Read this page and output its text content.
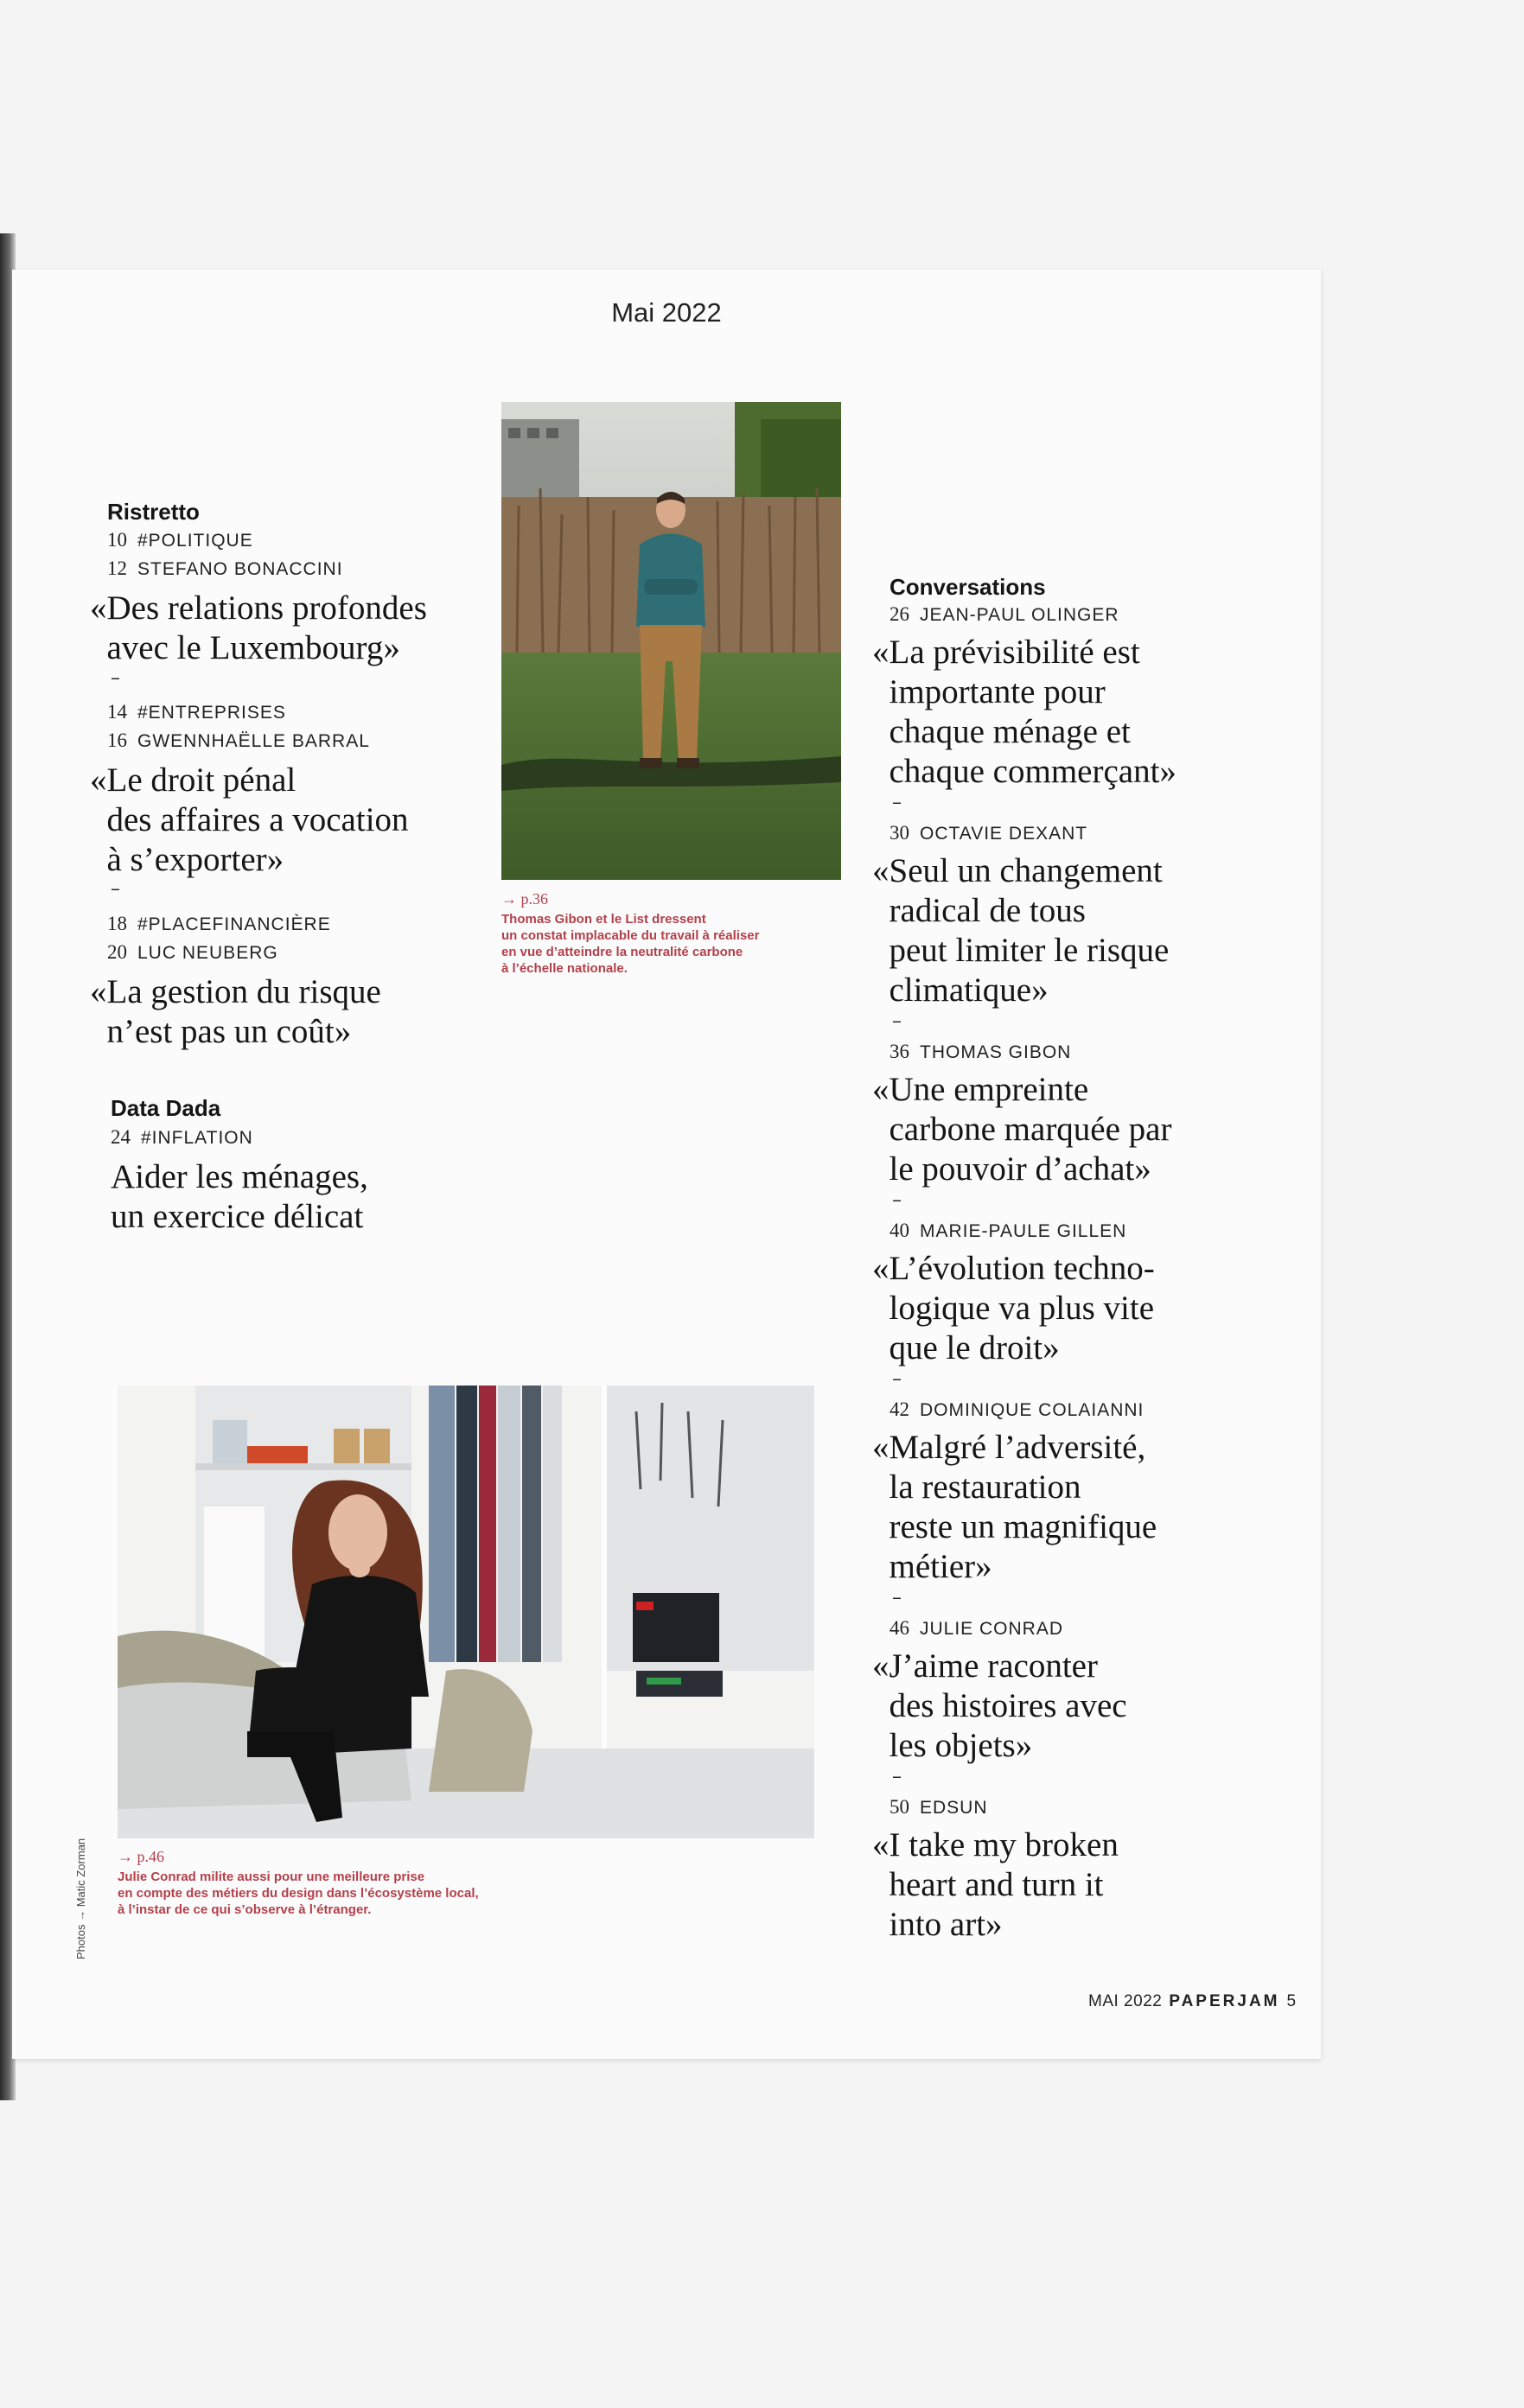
Mai 2022
Ristretto
10 #POLITIQUE
12 STEFANO BONACCINI
«Des relations profondes
avec le Luxembourg»
–
14 #ENTREPRISES
16 GWENNHAËLLE BARRAL
«Le droit pénal
des affaires a vocation
à s’exporter»
–
18 #PLACEFINANCIÈRE
20 LUC NEUBERG
«La gestion du risque
n’est pas un coût»
Data Dada
24 #INFLATION
Aider les ménages,
un exercice délicat
→ p.36
Thomas Gibon et le List dressent
un constat implacable du travail à réaliser
en vue d’atteindre la neutralité carbone
à l’échelle nationale.
Conversations
26 JEAN-PAUL OLINGER
«La prévisibilité est
importante pour
chaque ménage et
chaque commerçant»
–
30 OCTAVIE DEXANT
«Seul un changement
radical de tous
peut limiter le risque
climatique»
–
36 THOMAS GIBON
«Une empreinte
carbone marquée par
le pouvoir d’achat»
–
40 MARIE-PAULE GILLEN
«L’évolution techno-
logique va plus vite
que le droit»
–
42 DOMINIQUE COLAIANNI
«Malgré l’adversité,
la restauration
reste un magnifique
métier»
–
46 JULIE CONRAD
«J’aime raconter
des histoires avec
les objets»
–
50 EDSUN
«I take my broken
heart and turn it
into art»
→ p.46
Julie Conrad milite aussi pour une meilleure prise
en compte des métiers du design dans l’écosystème local,
à l’instar de ce qui s’observe à l’étranger.
Photos → Matic Zorman
MAI 2022 PAPERJAM 5
